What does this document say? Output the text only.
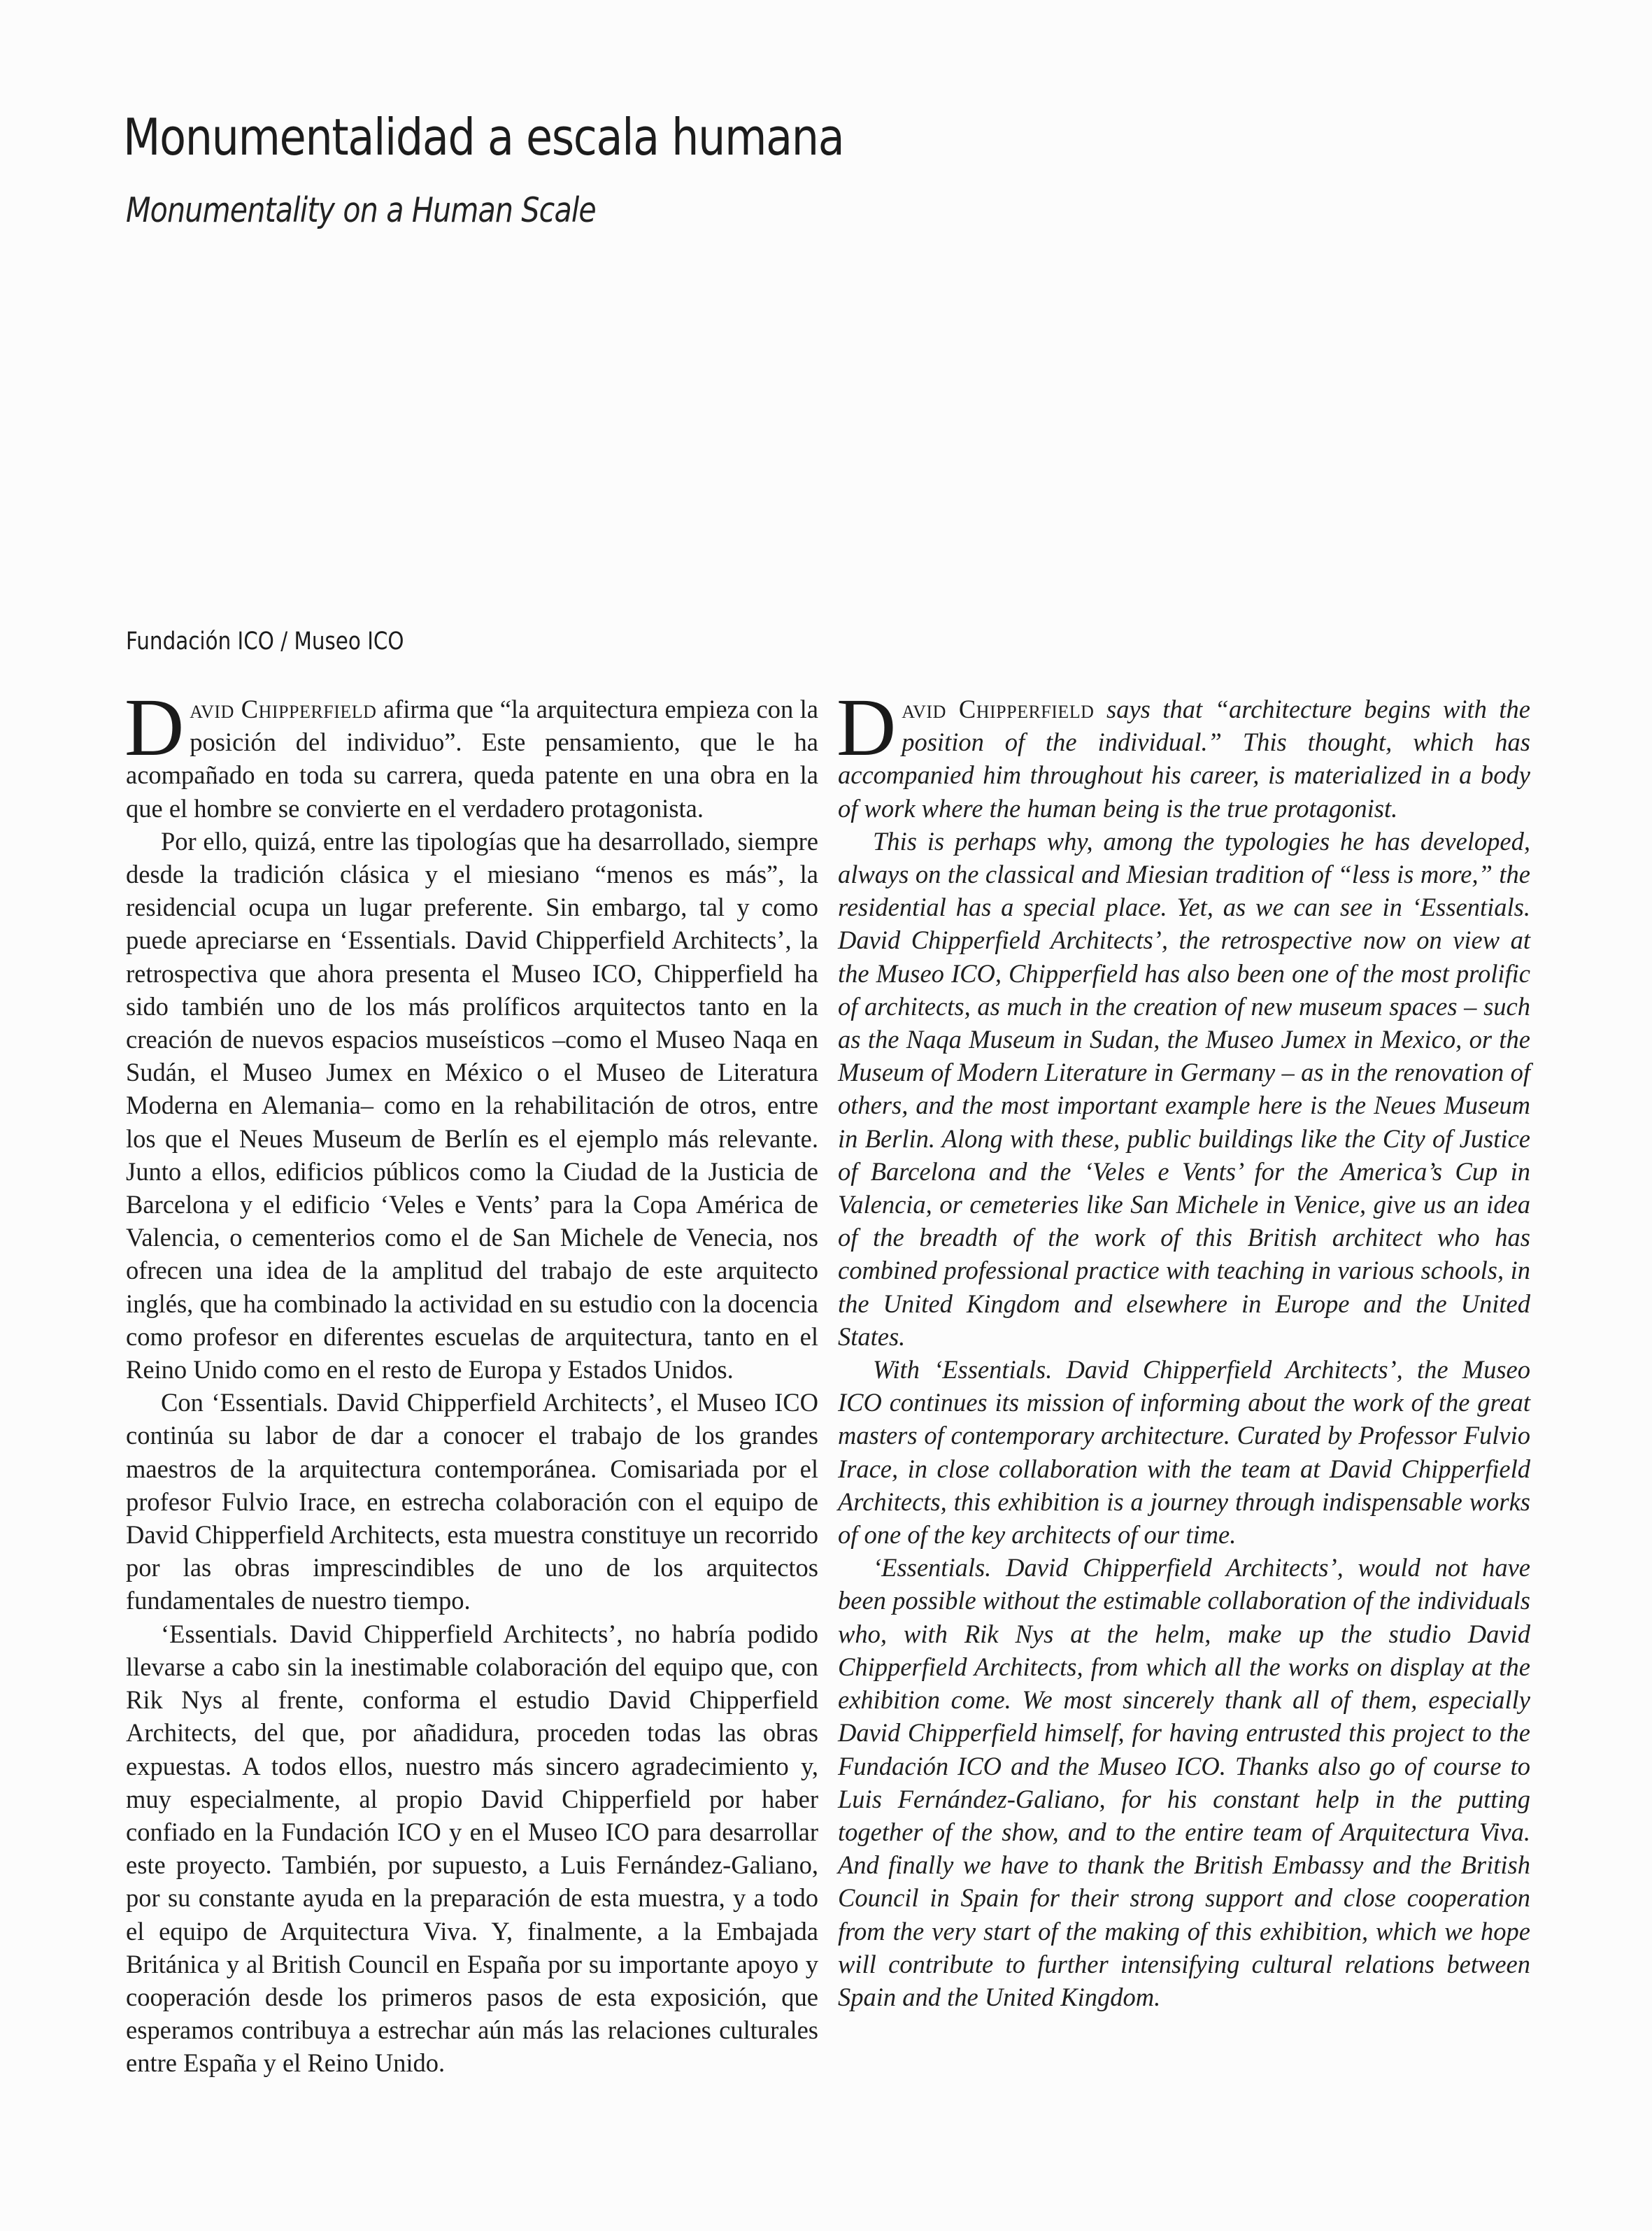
Monumentalidad a escala humana
Monumentality on a Human Scale
Fundación ICO / Museo ICO

David Chipperfield afirma que “la arquitectura empieza con la posición del individuo”. Este pensamiento, que le ha acompañado en toda su carrera, queda patente en una obra en la que el hombre se convierte en el verdadero protagonista.

Por ello, quizá, entre las tipologías que ha desarrollado, siempre desde la tradición clásica y el miesiano “menos es más”, la residencial ocupa un lugar preferente. Sin embargo, tal y como puede apreciarse en ‘Essentials. David Chipperfield Architects’, la retrospectiva que ahora presenta el Museo ICO, Chipperfield ha sido también uno de los más prolíficos arquitectos tanto en la creación de nuevos espacios museísticos –como el Museo Naqa en Sudán, el Museo Jumex en México o el Museo de Literatura Moderna en Alemania– como en la rehabilitación de otros, entre los que el Neues Museum de Berlín es el ejemplo más relevante. Junto a ellos, edificios públicos como la Ciudad de la Justicia de Barcelona y el edificio ‘Veles e Vents’ para la Copa América de Valencia, o cementerios como el de San Michele de Venecia, nos ofrecen una idea de la amplitud del trabajo de este arquitecto inglés, que ha combinado la actividad en su estudio con la docencia como profesor en diferentes escuelas de arquitectura, tanto en el Reino Unido como en el resto de Europa y Estados Unidos.

Con ‘Essentials. David Chipperfield Architects’, el Museo ICO continúa su labor de dar a conocer el trabajo de los grandes maestros de la arquitectura contemporánea. Comisariada por el profesor Fulvio Irace, en estrecha colaboración con el equipo de David Chipperfield Architects, esta muestra constituye un recorrido por las obras imprescindibles de uno de los arquitectos fundamentales de nuestro tiempo.

‘Essentials. David Chipperfield Architects’, no habría podido llevarse a cabo sin la inestimable colaboración del equipo que, con Rik Nys al frente, conforma el estudio David Chipperfield Architects, del que, por añadidura, proceden todas las obras expuestas. A todos ellos, nuestro más sincero agradecimiento y, muy especialmente, al propio David Chipperfield por haber confiado en la Fundación ICO y en el Museo ICO para desarrollar este proyecto. También, por supuesto, a Luis Fernández-Galiano, por su constante ayuda en la preparación de esta muestra, y a todo el equipo de Arquitectura Viva. Y, finalmente, a la Embajada Británica y al British Council en España por su importante apoyo y cooperación desde los primeros pasos de esta exposición, que esperamos contribuya a estrechar aún más las relaciones culturales entre España y el Reino Unido.

David Chipperfield says that “architecture begins with the position of the individual.” This thought, which has accompanied him throughout his career, is materialized in a body of work where the human being is the true protagonist.

This is perhaps why, among the typologies he has developed, always on the classical and Miesian tradition of “less is more,” the residential has a special place. Yet, as we can see in ‘Essentials. David Chipperfield Architects’, the retrospective now on view at the Museo ICO, Chipperfield has also been one of the most prolific of architects, as much in the creation of new museum spaces – such as the Naqa Museum in Sudan, the Museo Jumex in Mexico, or the Museum of Modern Literature in Germany – as in the renovation of others, and the most important example here is the Neues Museum in Berlin. Along with these, public buildings like the City of Justice of Barcelona and the ‘Veles e Vents’ for the America’s Cup in Valencia, or cemeteries like San Michele in Venice, give us an idea of the breadth of the work of this British architect who has combined professional practice with teaching in various schools, in the United Kingdom and elsewhere in Europe and the United States.

With ‘Essentials. David Chipperfield Architects’, the Museo ICO continues its mission of informing about the work of the great masters of contemporary architecture. Curated by Professor Fulvio Irace, in close collaboration with the team at David Chipperfield Architects, this exhibition is a journey through indispensable works of one of the key architects of our time.

‘Essentials. David Chipperfield Architects’, would not have been possible without the estimable collaboration of the individuals who, with Rik Nys at the helm, make up the studio David Chipperfield Architects, from which all the works on display at the exhibition come. We most sincerely thank all of them, especially David Chipperfield himself, for having entrusted this project to the Fundación ICO and the Museo ICO. Thanks also go of course to Luis Fernández-Galiano, for his constant help in the putting together of the show, and to the entire team of Arquitectura Viva. And finally we have to thank the British Embassy and the British Council in Spain for their strong support and close cooperation from the very start of the making of this exhibition, which we hope will contribute to further intensifying cultural relations between Spain and the United Kingdom.
